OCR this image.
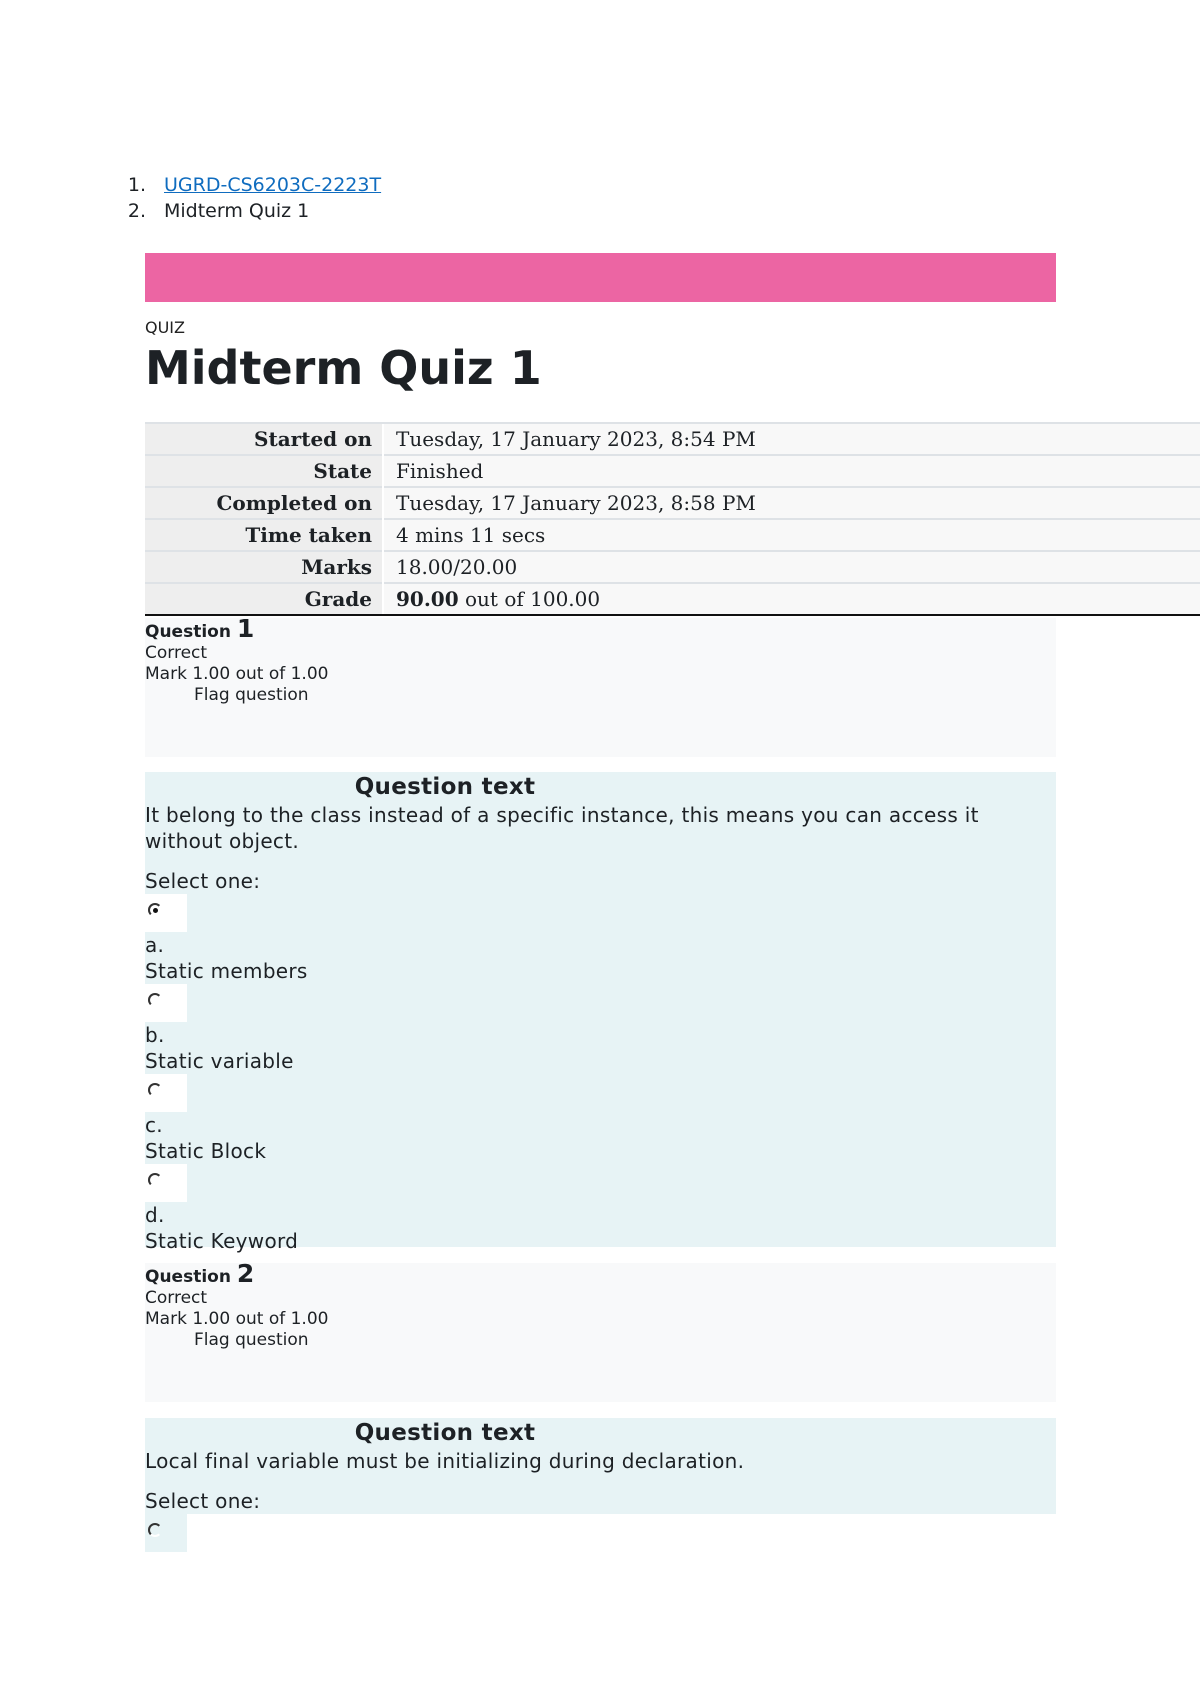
1. UGRD-CS6203C-2223T
2. Midterm Quiz 1
QUIZ
Midterm Quiz 1
Started on	Tuesday, 17 January 2023, 8:54 PM
State	Finished
Completed on	Tuesday, 17 January 2023, 8:58 PM
Time taken	4 mins 11 secs
Marks	18.00/20.00
Grade	90.00 out of 100.00
Question 1
Correct
Mark 1.00 out of 1.00
Flag question
Question text

It belong to the class instead of a specific instance, this means you can access it without object.

Select one:
a.
Static members
b.
Static variable
c.
Static Block
d.
Static Keyword
Question 2
Correct
Mark 1.00 out of 1.00
Flag question
Question text

Local final variable must be initializing during declaration.

Select one:
